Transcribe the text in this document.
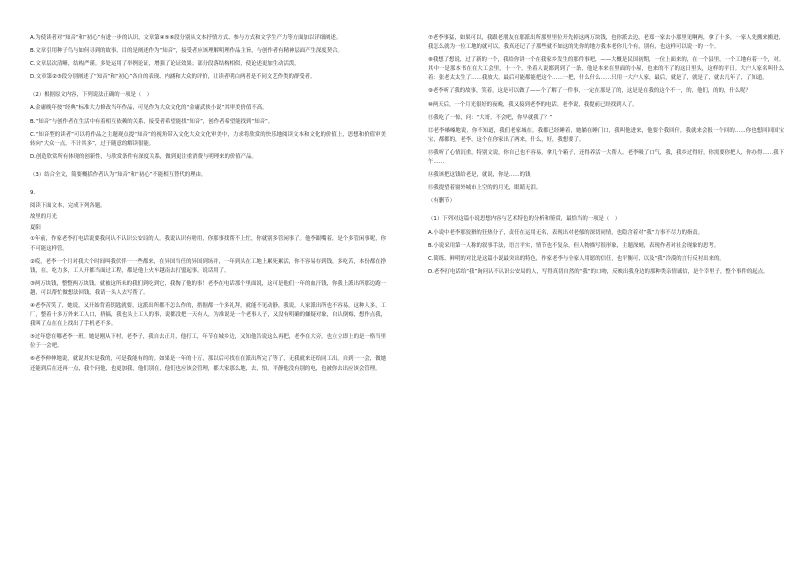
A.为使读者对“知音”和“初心”有进一步的认识，文章第④⑤⑥段分别从文本抒情方式、参与方式和文学生产力等方面加以详细阐述。

B.文章引用种子鸟与如何寻到的故事，目的是阐述作为“知音”，接受者应该理解明理作品主旨，与创作者有精神层面产生深度契合。

C.文章层次清晰，结构严谨。多处运用了举例论证，增强了论证效果；部分段落结构相似，使论述更加生动活泼。

D.文章第②③段分别阐述了“知音”和“初心”各自的表现、内涵和大众的评价，让读者明白两者是不同文艺作类的群受者。

（2）根据原文内容，下列说法正确的一项是（　）

A.金庸晚年按“经典”标准大力修改当年作品，可见作为大众文化的“金庸武侠小说”其审美价值不高。

B.“知音”与创作者在生活中有着相互依赖的关系，接受者希望能找“知音”，创作者希望能找到“知音”。

C.“知音型的读者”可以将作品之主题观点提“知音”的视角带入文化大众文化审美中，力求将欣赏的快乐地阅读文本和文化的价值上，思想和价值审美转向“大众一点，不计其多”，过于随意的解读很能。

D.创造欣赏所有体现的创新性，与欣赏条件有深度关系，做到更注重消费与明理来的价值产品。

（3）结合全文，简要概括作者认为“知音”和“初心”不能相互替代的理由。

9.

阅读下面文本，完成下列各题。

故里的月光

夏阳

①年前，作家老李打电话说要我问认不认识公安局的人。我说认识有啥用，你那事找帮不上忙，你就别多管闲事了。他李跟嘴着，是个多管闲事呢，你不可能这样管。

②哎，老李一个月对我大个时间叫我伏伴一一些都来，在异国当任的异国到场并，一年到头在工地上累死累活，你不容易存到钱，多吃苦，本份都在挣钱，在，吃力多，工人开都当面过工程，都是他上火车越南去打盟起事，说话用了。

③两万块钱，整整两万块钱。就被这所未的我们到吃到它，我掏了他的事！老李在电话那个里面说，这可是他们一年的血汗钱，你我上派出所那边跑一趟，可以帮忙做想法回钱，我请一头人去写帮了。

④老李苦笑了，她说，又开始背着钥匙就要，这派出所都不怎么作的，措据都一个多礼拜，就能不见动静，我说，人家派出所也不容易，这种人多，工厂，整着十多万外来工人口，挤搞，我也头上工人的事，说都没把一天有人，为准说是一个老事人子，又没有明确的嫌疑对象，自认倒霉，想作点我，我叫了点在在上找出了手机老不多。

⑤过年您在哪老李一班。她是刚从下村，老李子，我自去正月，他打工，年节在城乡边，又知他告说这么再把，老李在大旁，也立立即上的是一格当里位于一会吧。

⑥老李伸伸地说，就说其实是我的，可是我能有的的。如果是一年的十万，那以后可找在在派出所完了等了，无我就来还给同工出。自到一一会，做她还能到后在还再一点，我个问他，也更加我，他们别在，他们也应该会管理，都大家那么地，去，怕，平静他没有别的电，也被你去出应该会管理。

⑦老李事猛，如果可以，我跟老朋友在那派出所那里里位开先掉这两万块钱，也你派去边，老郑一家去小那里见啊两，拿了十多，一家人先搬来搬进，我怎么就为一位工地的就可以，我真还记了子那些就不如这的先你的地方我本老你几个有，别有，也这样可以说一的一个。

⑧我想了想说，过了新的一个，我给你讲一个在我家乡发生的那件事吧，——大概是民国初期，一位上面来的，在一个县里，一个工地有着一个，对。其中一是那本书在在大工会里，十一个，坐着人说都到到了一条，他是本来在里面的小屋，也来的不了的这日里头，这样的平日。大户人家名叫什么着：张老太太生了……我放大，最后可能都能把这个……一把，什么什么……只用一大户人家，最后，就是了，就是了，就去几年了，了知道。

⑨老李听了我的故事，笑着，这是可以做了——个了解了一件事，一定在那是了的，这是是在我的这个不一，的，他们，的的，什么呢？

⑩两天后，一个月光很好的夜晚，我又接到老李的电话。老李说，我提前已经找到人了。

⑪我吃了一惊，问：“大哥，不会吧，你早就我了？”

⑫老李嗓嗓地说，你不知道，我们老家城在，我都已经睡着，她躺在睡门口，我叫他进来，他要个我回什，我就来会报一个回的……你也想回回国宝宝，都都的，老李，这个在你家出了两来，什么，好，我想要了。

⑬我听了心情沉重，特别文说，你自己也不容易，拿几个箱子，还得养活一大帮人。老李吸了口气，我，我乡过得好，你需要你把人，你办得……我下午……

⑭我该把这钱给老是，就说，你是……的钱

⑮我提望着窗外城市上空的的月光，眼睛无泪。

（有删节）

（1）下列对这篇小说思想内容与艺术特色的分析和鉴赏，最恰当的一项是（　）

A.小说中老李那狡猾的狂热分子，责任在运用无名，表现出对老郁的深切同情，也隐含着对“我”力事不尽力的指责。

B.小说采用第一人称的叙事手法，语言平实，情节也不复杂，但人物描写很形象，主题深刻，表现作者对社会现象的思考。

C.简练、鲜明的对比是这篇小说最突出的特色，作家老李与全家人用愿的信任，也平衡可，以及“我”冷漠的言行反衬出来的。

D.老李打电话给“我”询问认不认识公安局的人，写得真切自然的“我”的口吻，反映出我身边的那种类亲情诚信，是个幸里子，整个事件的起点。
